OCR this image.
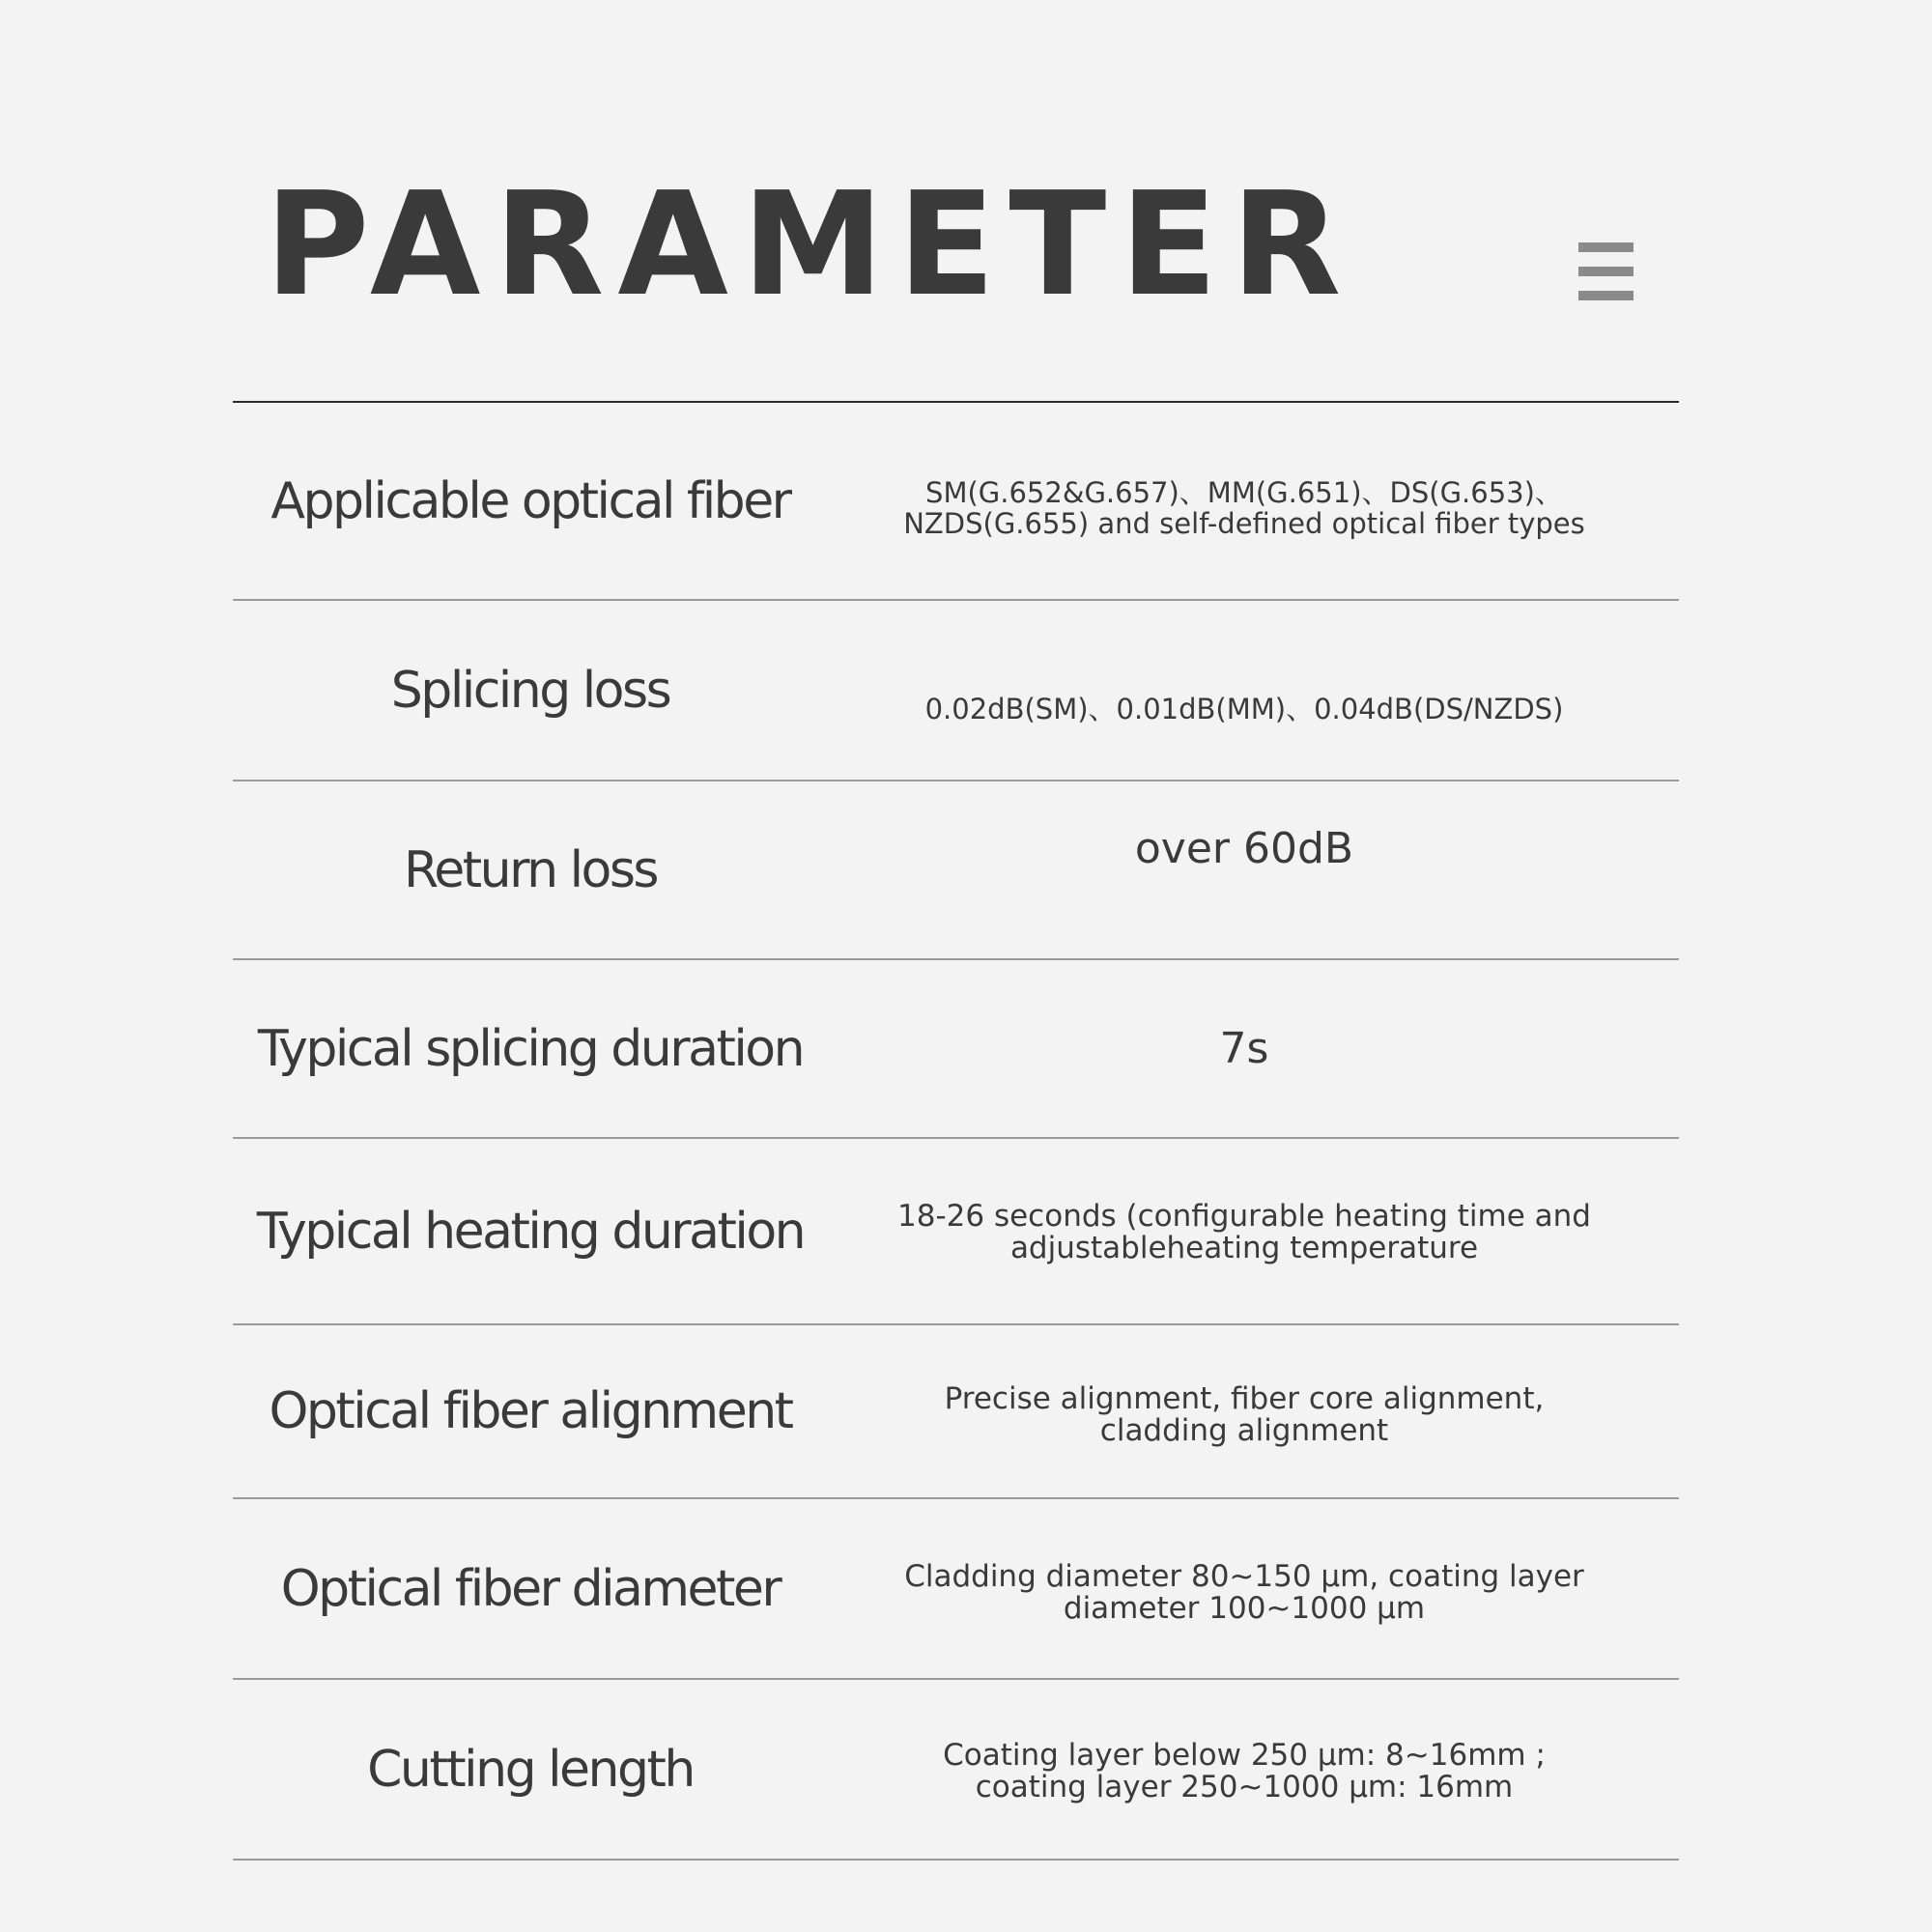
PARAMETER
Applicable optical fiber	SM(G.652&G.657)、MM(G.651)、DS(G.653)、
NZDS(G.655) and self-defined optical fiber types
Splicing loss	0.02dB(SM)、0.01dB(MM)、0.04dB(DS/NZDS)
Return loss	over 60dB
Typical splicing duration	7s
Typical heating duration	18-26 seconds (configurable heating time and
adjustableheating temperature
Optical fiber alignment	Precise alignment, fiber core alignment,
cladding alignment
Optical fiber diameter	Cladding diameter 80~150 μm, coating layer
diameter 100~1000 μm
Cutting length	Coating layer below 250 μm: 8~16mm ;
coating layer 250~1000 μm: 16mm
